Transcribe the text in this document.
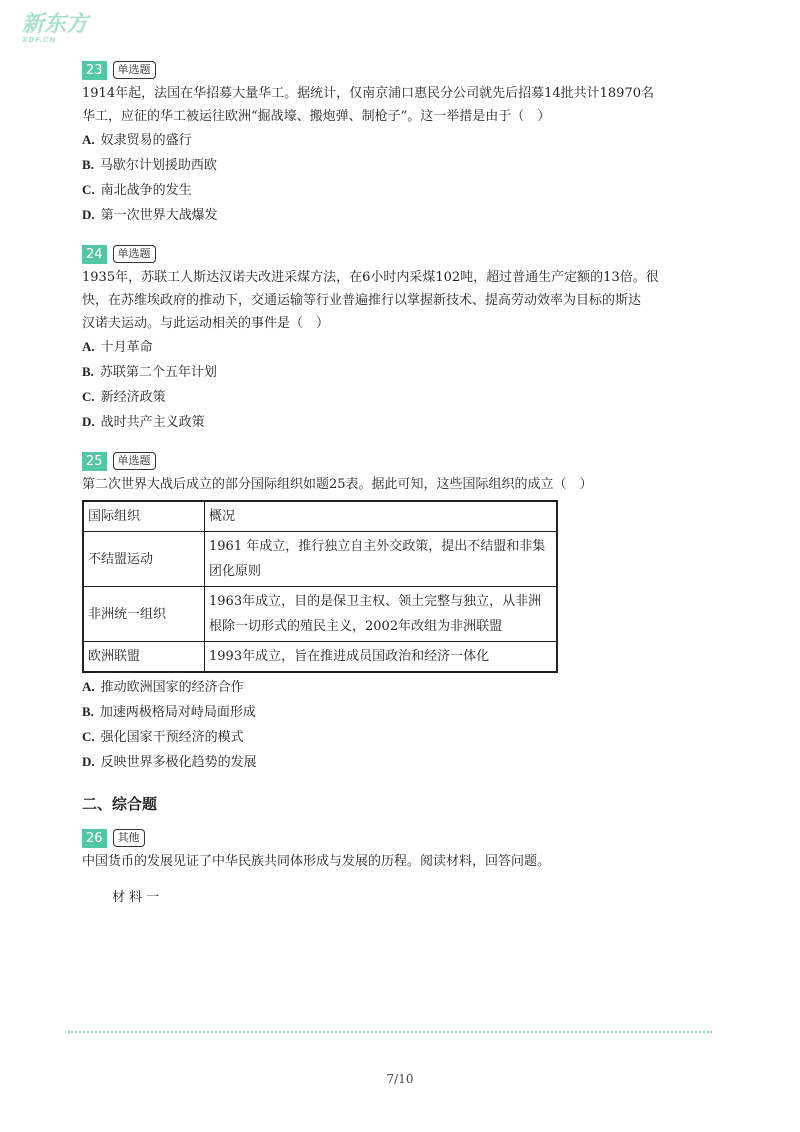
新东方
XDF.CN
23	单选题

1914年起，法国在华招募大量华工。据统计，仅南京浦口惠民分公司就先后招募14批共计18970名

华工，应征的华工被运往欧洲“掘战壕、搬炮弹、制枪子”。这一举措是由于（　）

A. 奴隶贸易的盛行

B. 马歇尔计划援助西欧

C. 南北战争的发生

D. 第一次世界大战爆发

24	单选题

1935年，苏联工人斯达汉诺夫改进采煤方法，在6小时内采煤102吨，超过普通生产定额的13倍。很

快，在苏维埃政府的推动下，交通运输等行业普遍推行以掌握新技术、提高劳动效率为目标的斯达

汉诺夫运动。与此运动相关的事件是（　）

A. 十月革命

B. 苏联第二个五年计划

C. 新经济政策

D. 战时共产主义政策

25	单选题

第二次世界大战后成立的部分国际组织如题25表。据此可知，这些国际组织的成立（　）

国际组织	概况
不结盟运动	1961 年成立，推行独立自主外交政策，提出不结盟和非集团化原则
非洲统一组织	1963年成立，目的是保卫主权、领土完整与独立，从非洲根除一切形式的殖民主义，2002年改组为非洲联盟
欧洲联盟	1993年成立，旨在推进成员国政治和经济一体化

A. 推动欧洲国家的经济合作

B. 加速两极格局对峙局面形成

C. 强化国家干预经济的模式

D. 反映世界多极化趋势的发展

二、综合题
26	其他

中国货币的发展见证了中华民族共同体形成与发展的历程。阅读材料，回答问题。

材 料 一

7/10
